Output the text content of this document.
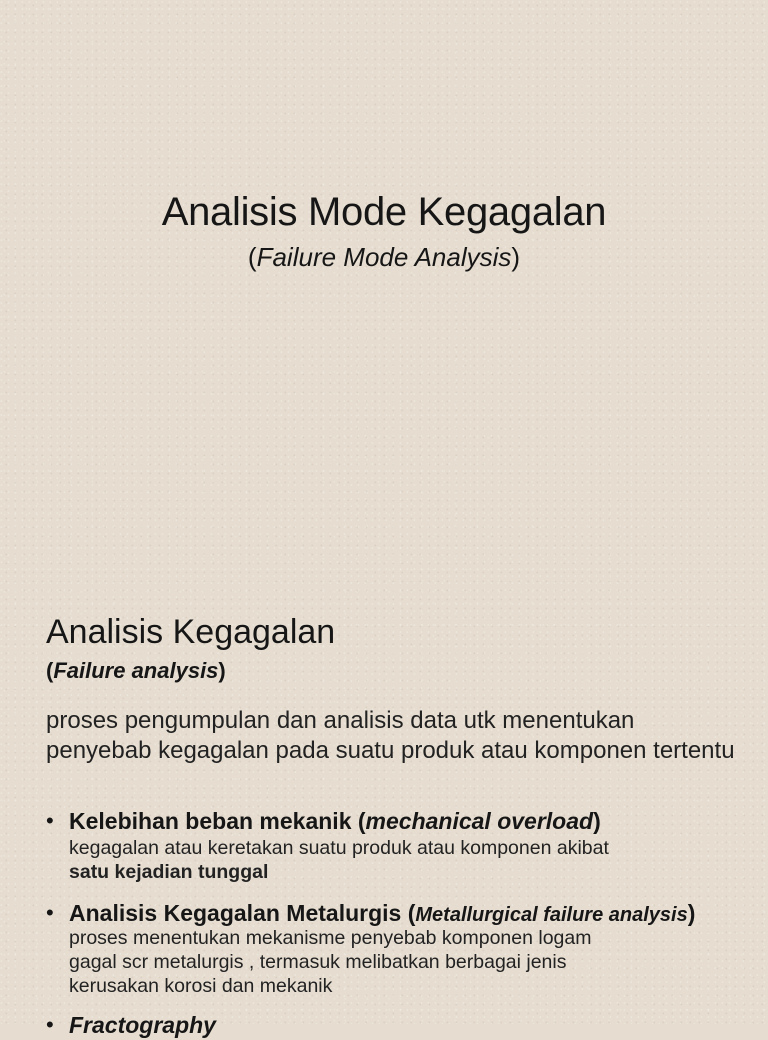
Analisis Mode Kegagalan
(Failure Mode Analysis)
Analisis Kegagalan
(Failure analysis)
proses pengumpulan dan analisis data utk menentukan penyebab kegagalan pada suatu produk atau komponen tertentu
• Kelebihan beban mekanik (mechanical overload)
kegagalan atau keretakan suatu produk atau komponen akibat
satu kejadian tunggal
• Analisis Kegagalan Metalurgis (Metallurgical failure analysis)
proses menentukan mekanisme penyebab komponen logam
gagal scr metalurgis , termasuk melibatkan berbagai jenis
kerusakan korosi dan mekanik
• Fractography
